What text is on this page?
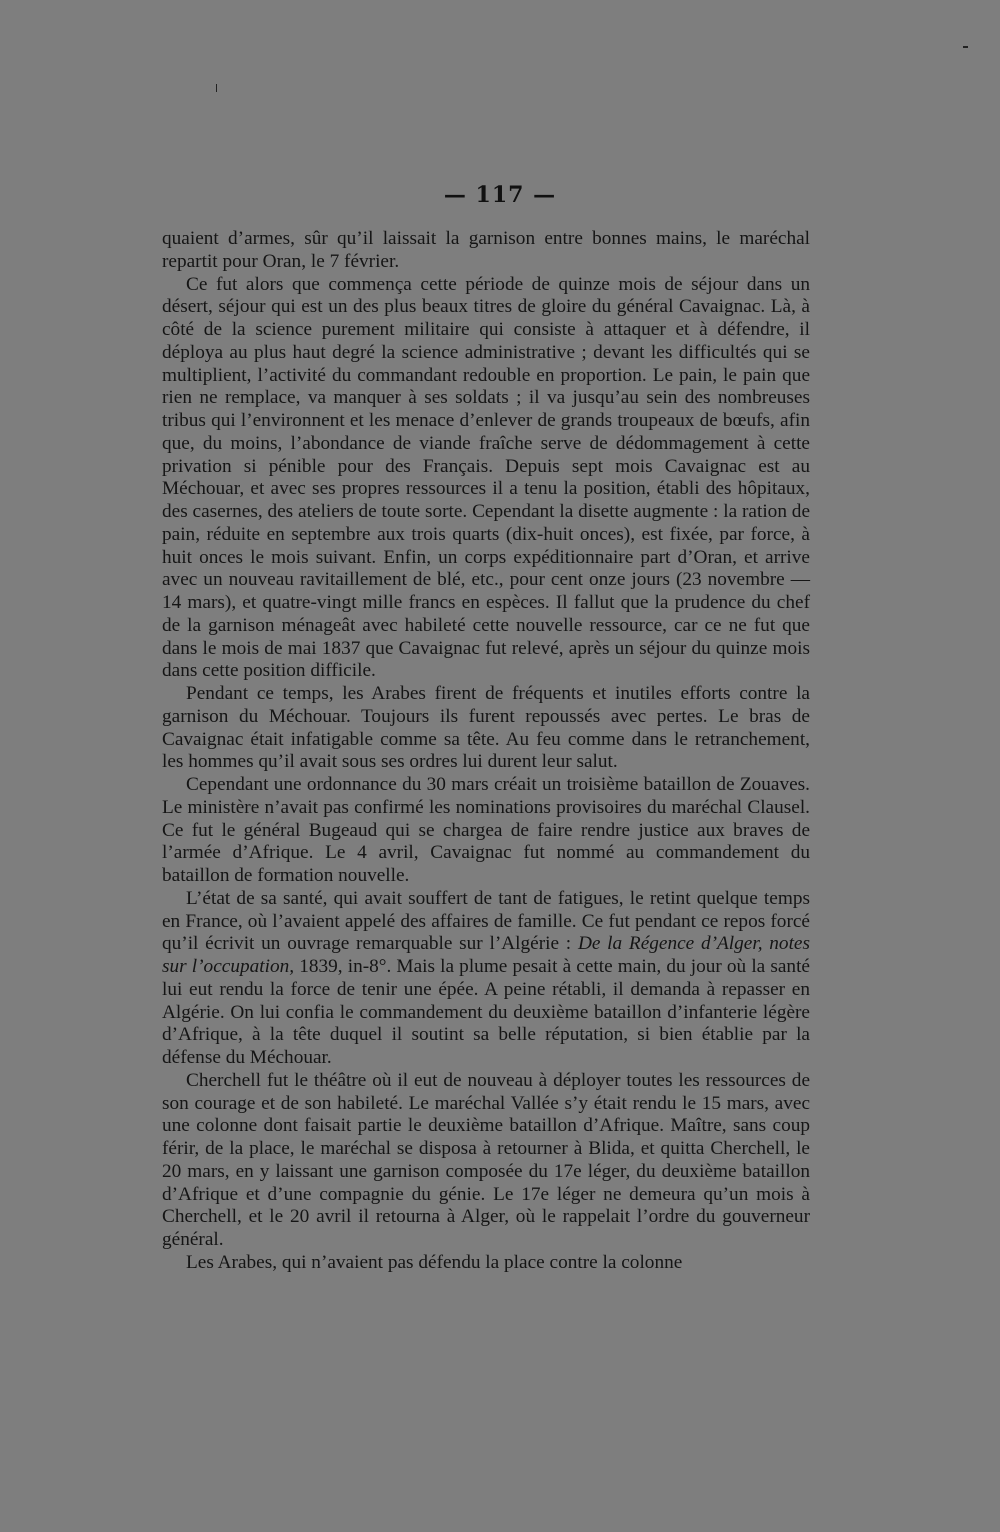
— 117 —

quaient d’armes, sûr qu’il laissait la garnison entre bonnes mains, le maréchal repartit pour Oran, le 7 février.

Ce fut alors que commença cette période de quinze mois de séjour dans un désert, séjour qui est un des plus beaux titres de gloire du général Cavaignac. Là, à côté de la science purement militaire qui consiste à attaquer et à défendre, il déploya au plus haut degré la science administrative ; devant les difficultés qui se multiplient, l’activité du commandant redouble en proportion. Le pain, le pain que rien ne remplace, va manquer à ses soldats ; il va jusqu’au sein des nombreuses tribus qui l’environnent et les menace d’enlever de grands troupeaux de bœufs, afin que, du moins, l’abondance de viande fraîche serve de dédommagement à cette privation si pénible pour des Français. Depuis sept mois Cavaignac est au Méchouar, et avec ses propres ressources il a tenu la position, établi des hôpitaux, des casernes, des ateliers de toute sorte. Cependant la disette augmente : la ration de pain, réduite en septembre aux trois quarts (dix-huit onces), est fixée, par force, à huit onces le mois suivant. Enfin, un corps expéditionnaire part d’Oran, et arrive avec un nouveau ravitaillement de blé, etc., pour cent onze jours (23 novembre — 14 mars), et quatre-vingt mille francs en espèces. Il fallut que la prudence du chef de la garnison ménageât avec habileté cette nouvelle ressource, car ce ne fut que dans le mois de mai 1837 que Cavaignac fut relevé, après un séjour du quinze mois dans cette position difficile.

Pendant ce temps, les Arabes firent de fréquents et inutiles efforts contre la garnison du Méchouar. Toujours ils furent repoussés avec pertes. Le bras de Cavaignac était infatigable comme sa tête. Au feu comme dans le retranchement, les hommes qu’il avait sous ses ordres lui durent leur salut.

Cependant une ordonnance du 30 mars créait un troisième bataillon de Zouaves. Le ministère n’avait pas confirmé les nominations provisoires du maréchal Clausel. Ce fut le général Bugeaud qui se chargea de faire rendre justice aux braves de l’armée d’Afrique. Le 4 avril, Cavaignac fut nommé au commandement du bataillon de formation nouvelle.

L’état de sa santé, qui avait souffert de tant de fatigues, le retint quelque temps en France, où l’avaient appelé des affaires de famille. Ce fut pendant ce repos forcé qu’il écrivit un ouvrage remarquable sur l’Algérie : De la Régence d’Alger, notes sur l’occupation, 1839, in-8°. Mais la plume pesait à cette main, du jour où la santé lui eut rendu la force de tenir une épée. A peine rétabli, il demanda à repasser en Algérie. On lui confia le commandement du deuxième bataillon d’infanterie légère d’Afrique, à la tête duquel il soutint sa belle réputation, si bien établie par la défense du Méchouar.

Cherchell fut le théâtre où il eut de nouveau à déployer toutes les ressources de son courage et de son habileté. Le maréchal Vallée s’y était rendu le 15 mars, avec une colonne dont faisait partie le deuxième bataillon d’Afrique. Maître, sans coup férir, de la place, le maréchal se disposa à retourner à Blida, et quitta Cherchell, le 20 mars, en y laissant une garnison composée du 17e léger, du deuxième bataillon d’Afrique et d’une compagnie du génie. Le 17e léger ne demeura qu’un mois à Cherchell, et le 20 avril il retourna à Alger, où le rappelait l’ordre du gouverneur général.

Les Arabes, qui n’avaient pas défendu la place contre la colonne
